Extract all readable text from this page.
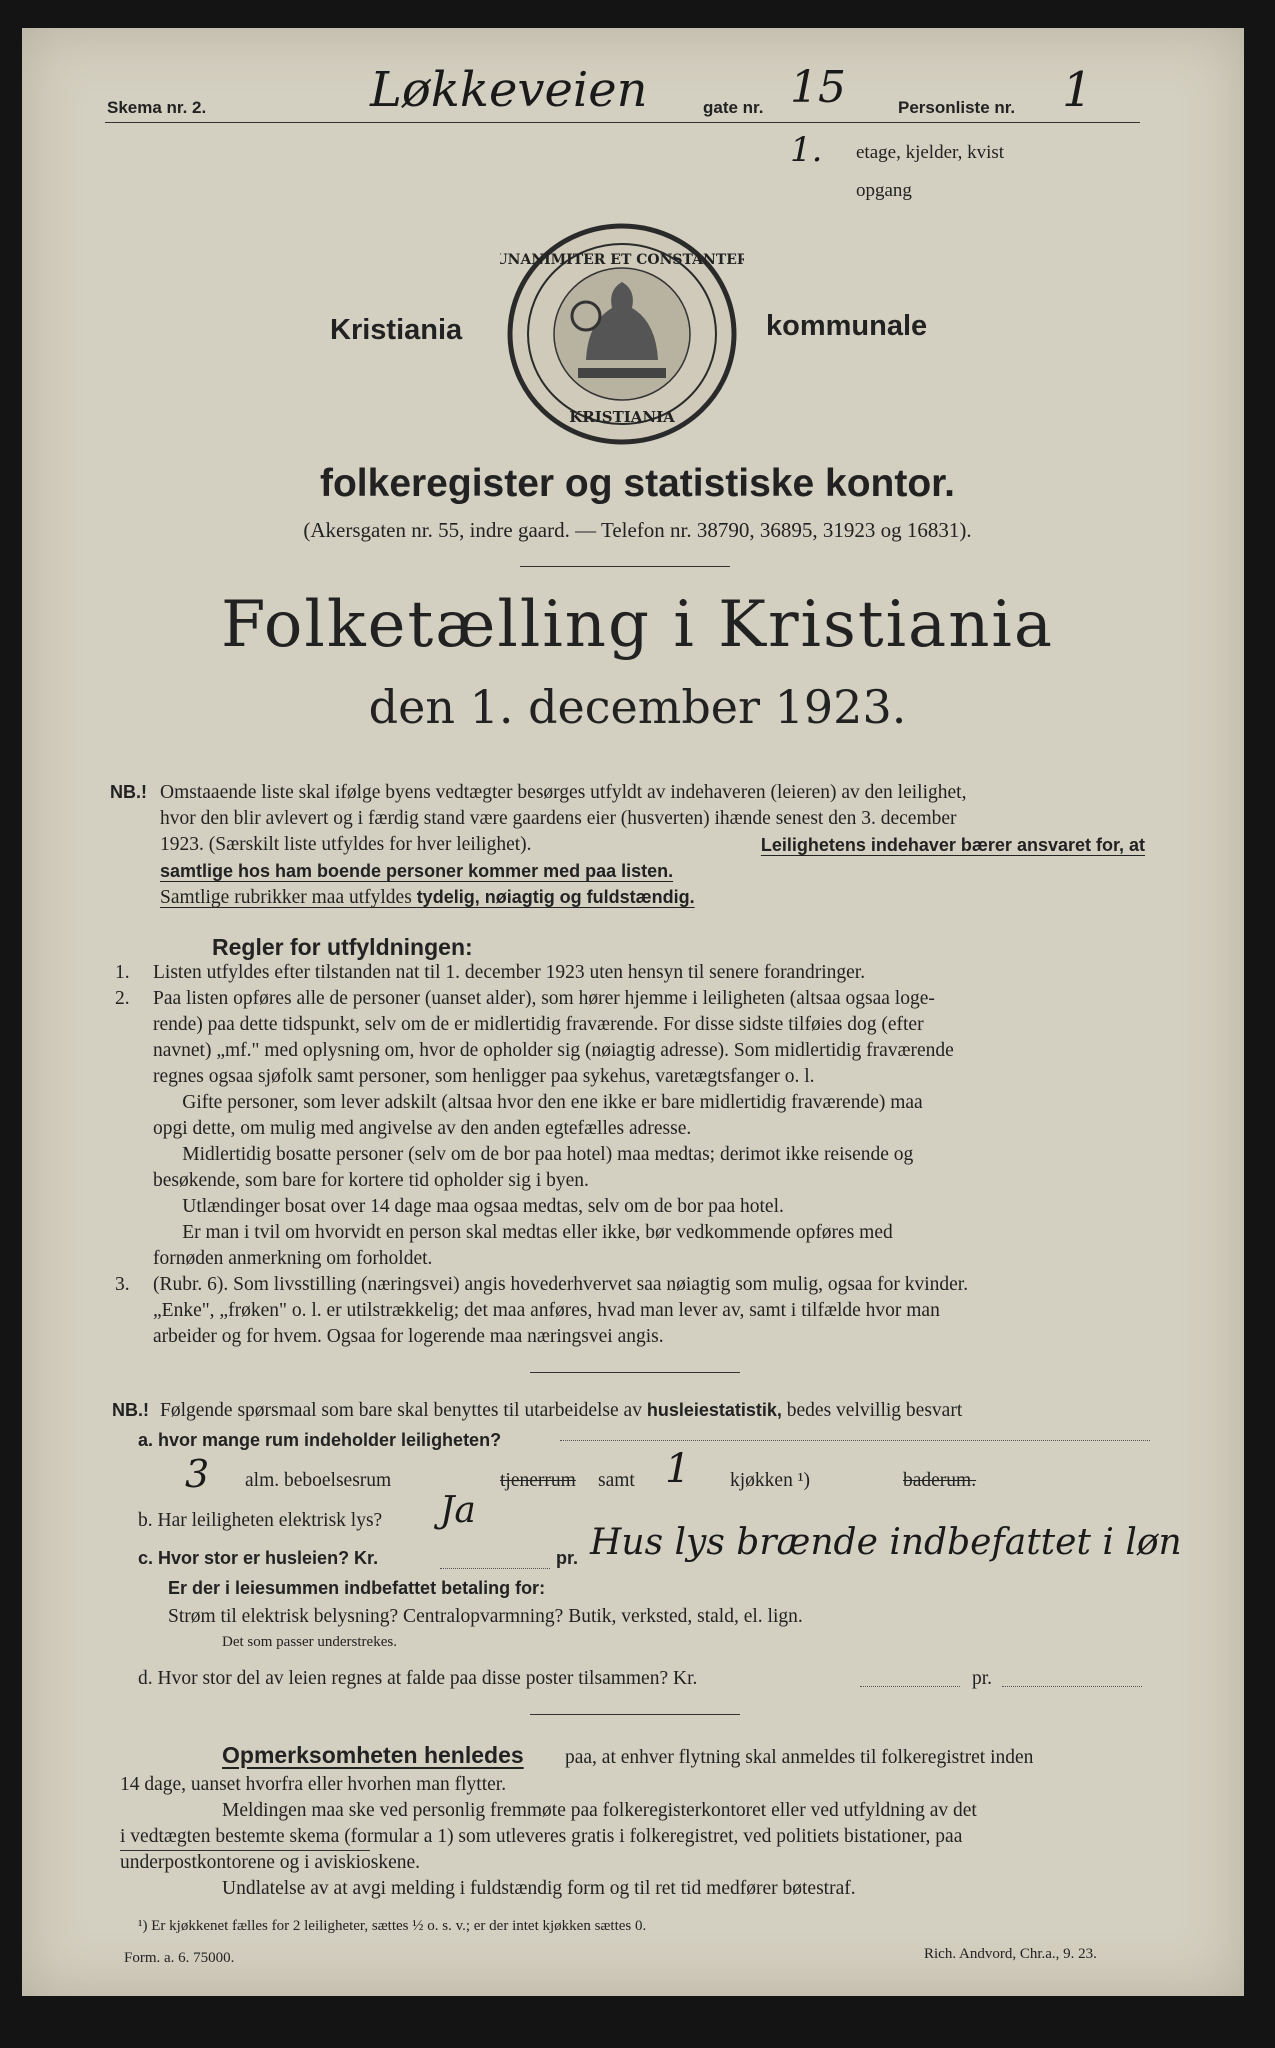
Skema nr. 2.	Løkkeveien	gate nr. 15	Personliste nr. 1
1. etage, kjelder, kvist
opgang
Kristiania
UNANIMITER ET CONSTANTER
KRISTIANIA
kommunale
folkeregister og statistiske kontor.
(Akersgaten nr. 55, indre gaard. — Telefon nr. 38790, 36895, 31923 og 16831).
Folketælling i Kristiania
den 1. december 1923.
NB.! Omstaaende liste skal ifølge byens vedtægter besørges utfyldt av indehaveren (leieren) av den leilighet,
hvor den blir avlevert og i færdig stand være gaardens eier (husverten) ihænde senest den 3. december
1923. (Særskilt liste utfyldes for hver leilighet).	Leilighetens indehaver bærer ansvaret for, at
samtlige hos ham boende personer kommer med paa listen.
Samtlige rubrikker maa utfyldes tydelig, nøiagtig og fuldstændig.
Regler for utfyldningen:
1.	Listen utfyldes efter tilstanden nat til 1. december 1923 uten hensyn til senere forandringer.
2.	Paa listen opføres alle de personer (uanset alder), som hører hjemme i leiligheten (altsaa ogsaa loge-
rende) paa dette tidspunkt, selv om de er midlertidig fraværende. For disse sidste tilføies dog (efter
navnet) „mf." med oplysning om, hvor de opholder sig (nøiagtig adresse). Som midlertidig fraværende
regnes ogsaa sjøfolk samt personer, som henligger paa sykehus, varetægtsfanger o. l.
Gifte personer, som lever adskilt (altsaa hvor den ene ikke er bare midlertidig fraværende) maa
opgi dette, om mulig med angivelse av den anden egtefælles adresse.
Midlertidig bosatte personer (selv om de bor paa hotel) maa medtas; derimot ikke reisende og
besøkende, som bare for kortere tid opholder sig i byen.
Utlændinger bosat over 14 dage maa ogsaa medtas, selv om de bor paa hotel.
Er man i tvil om hvorvidt en person skal medtas eller ikke, bør vedkommende opføres med
fornøden anmerkning om forholdet.
3.	(Rubr. 6). Som livsstilling (næringsvei) angis hovederhvervet saa nøiagtig som mulig, ogsaa for kvinder.
„Enke", „frøken" o. l. er utilstrækkelig; det maa anføres, hvad man lever av, samt i tilfælde hvor man
arbeider og for hvem. Ogsaa for logerende maa næringsvei angis.
NB.! Følgende spørsmaal som bare skal benyttes til utarbeidelse av husleiestatistik, bedes velvillig besvart
a. hvor mange rum indeholder leiligheten?
3 alm. beboelsesrum	tjenerrum samt 1 kjøkken ¹)	baderum.
b. Har leiligheten elektrisk lys? Ja
c. Hvor stor er husleien? Kr.	pr. Hus lys brænde indbefattet i løn
Er der i leiesummen indbefattet betaling for:
Strøm til elektrisk belysning? Centralopvarmning? Butik, verksted, stald, el. lign.
Det som passer understrekes.
d. Hvor stor del av leien regnes at falde paa disse poster tilsammen? Kr.	pr.
Opmerksomheten henledes paa, at enhver flytning skal anmeldes til folkeregistret inden
14 dage, uanset hvorfra eller hvorhen man flytter.
Meldingen maa ske ved personlig fremmøte paa folkeregisterkontoret eller ved utfyldning av det
i vedtægten bestemte skema (formular a 1) som utleveres gratis i folkeregistret, ved politiets bistationer, paa
underpostkontorene og i aviskioskene.
Undlatelse av at avgi melding i fuldstændig form og til ret tid medfører bøtestraf.
¹) Er kjøkkenet fælles for 2 leiligheter, sættes ½ o. s. v.; er der intet kjøkken sættes 0.
Form. a. 6. 75000.	Rich. Andvord, Chr.a., 9. 23.
